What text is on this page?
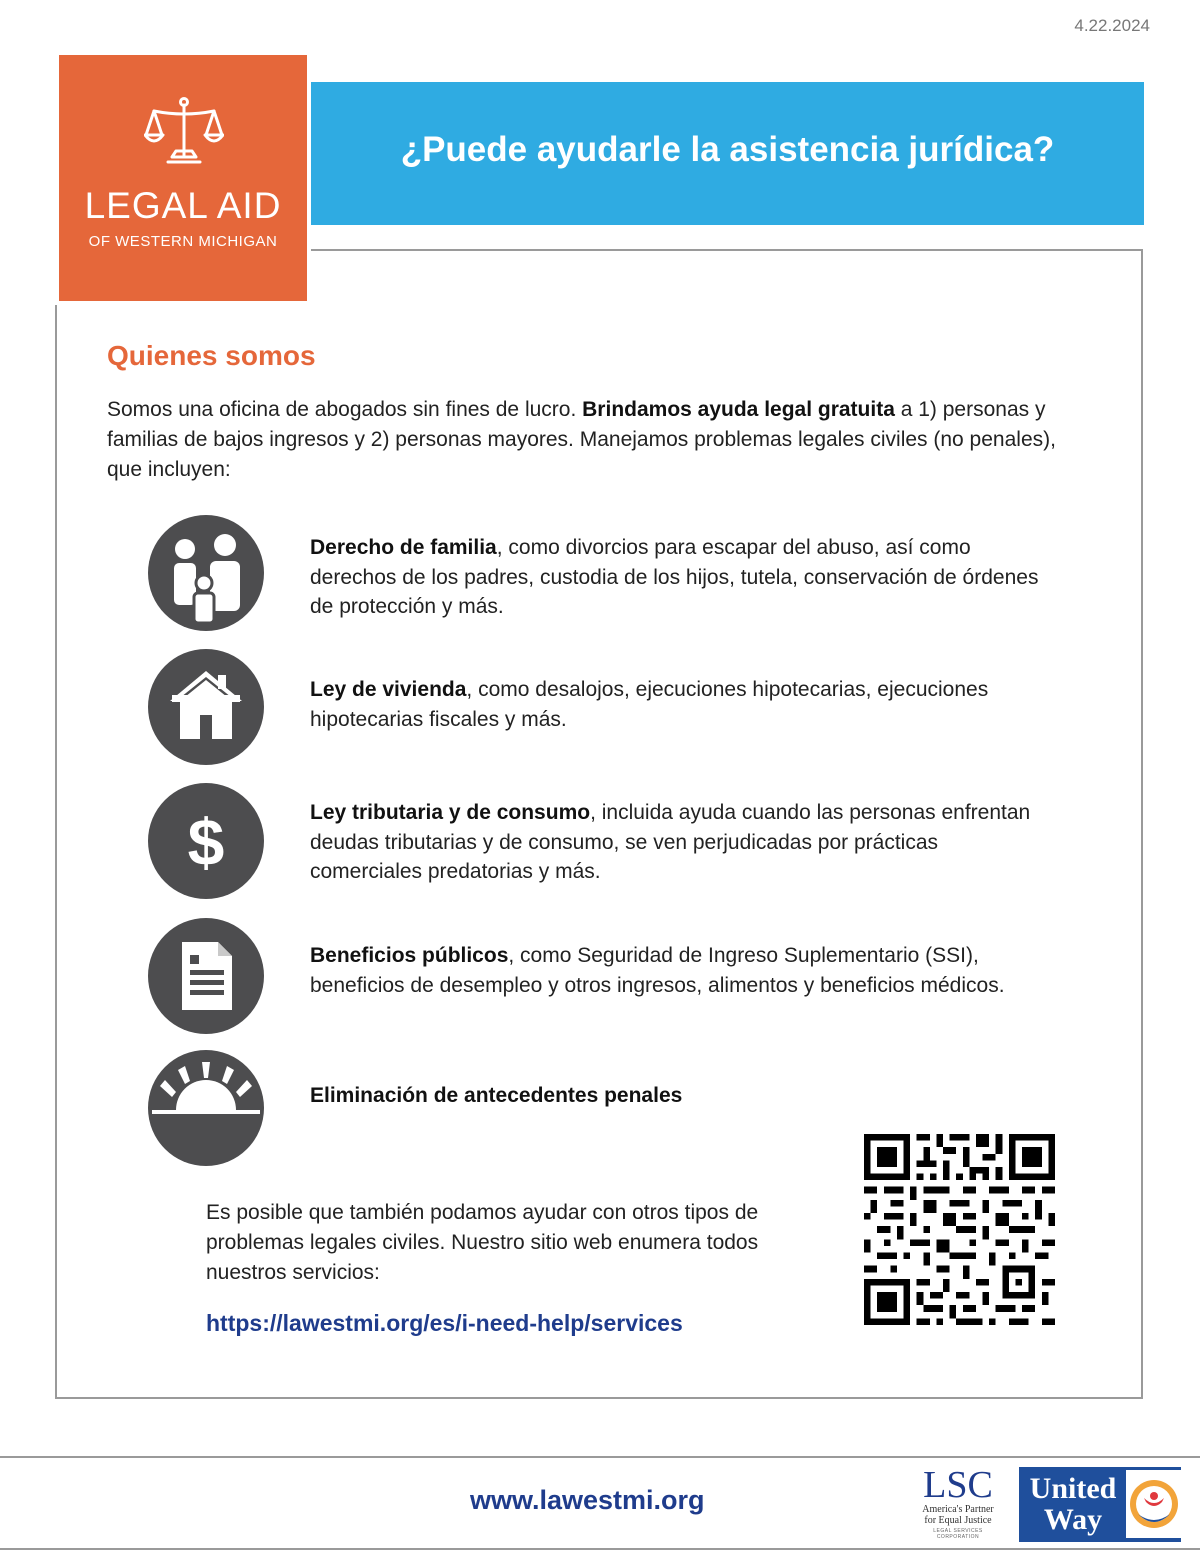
4.22.2024
LEGAL AID
OF WESTERN MICHIGAN
¿Puede ayudarle la asistencia jurídica?
Quienes somos
Somos una oficina de abogados sin fines de lucro. Brindamos ayuda legal gratuita a 1) personas y familias de bajos ingresos y 2) personas mayores. Manejamos problemas legales civiles (no penales), que incluyen:
Derecho de familia, como divorcios para escapar del abuso, así como derechos de los padres, custodia de los hijos, tutela, conservación de órdenes de protección y más.
Ley de vivienda, como desalojos, ejecuciones hipotecarias, ejecuciones hipotecarias fiscales y más.
$	Ley tributaria y de consumo, incluida ayuda cuando las personas enfrentan deudas tributarias y de consumo, se ven perjudicadas por prácticas comerciales predatorias y más.
Beneficios públicos, como Seguridad de Ingreso Suplementario (SSI), beneficios de desempleo y otros ingresos, alimentos y beneficios médicos.
Eliminación de antecedentes penales
Es posible que también podamos ayudar con otros tipos de problemas legales civiles. Nuestro sitio web enumera todos nuestros servicios:
https://lawestmi.org/es/i-need-help/services
www.lawestmi.org	LSC
America's Partner
for Equal Justice
LEGAL SERVICES CORPORATION
United
Way
